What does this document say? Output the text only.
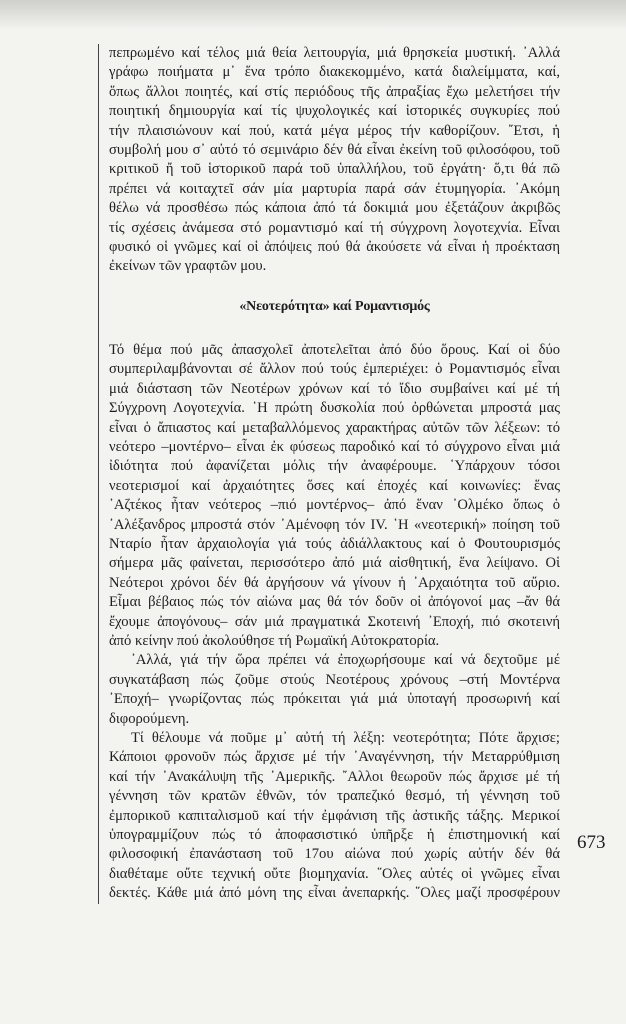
πεπρωμένο καί τέλος μιά θεία λειτουργία, μιά θρησκεία μυστική. ᾿Αλλά
γράφω ποιήματα μ᾿ ἕνα τρόπο διακεκομμένο, κατά διαλείμματα, καί,
ὅπως ἄλλοι ποιητές, καί στίς περιόδους τῆς ἀπραξίας ἔχω μελετήσει τήν
ποιητική δημιουργία καί τίς ψυχολογικές καί ἱστορικές συγκυρίες πού
τήν πλαισιώνουν καί πού, κατά μέγα μέρος τήν καθορίζουν. ῎Ετσι, ἡ
συμβολή μου σ᾿ αὐτό τό σεμινάριο δέν θά εἶναι ἐκείνη τοῦ φιλοσόφου, τοῦ
κριτικοῦ ἤ τοῦ ἱστορικοῦ παρά τοῦ ὑπαλλήλου, τοῦ ἐργάτη· ὅ,τι θά πῶ
πρέπει νά κοιταχτεῖ σάν μία μαρτυρία παρά σάν ἐτυμηγορία. ᾿Ακόμη
θέλω νά προσθέσω πώς κάποια ἀπό τά δοκιμιά μου ἐξετάζουν ἀκριβῶς
τίς σχέσεις ἀνάμεσα στό ρομαντισμό καί τή σύγχρονη λογοτεχνία. Εἶναι
φυσικό οἱ γνῶμες καί οἱ ἀπόψεις πού θά ἀκούσετε νά εἶναι ἡ προέκταση
ἐκείνων τῶν γραφτῶν μου.
«Νεοτερότητα» καί Ρομαντισμός
Τό θέμα πού μᾶς ἀπασχολεῖ ἀποτελεῖται ἀπό δύο ὅρους. Καί οἱ δύο
συμπεριλαμβάνονται σέ ἄλλον πού τούς ἐμπεριέχει: ὁ Ρομαντισμός εἶναι
μιά διάσταση τῶν Νεοτέρων χρόνων καί τό ἴδιο συμβαίνει καί μέ τή
Σύγχρονη Λογοτεχνία. ῾Η πρώτη δυσκολία πού ὀρθώνεται μπροστά μας
εἶναι ὁ ἄπιαστος καί μεταβαλλόμενος χαρακτήρας αὐτῶν τῶν λέξεων: τό
νεότερο –μοντέρνο– εἶναι ἐκ φύσεως παροδικό καί τό σύγχρονο εἶναι μιά
ἰδιότητα πού ἀφανίζεται μόλις τήν ἀναφέρουμε. ῾Υπάρχουν τόσοι
νεοτερισμοί καί ἀρχαιότητες ὅσες καί ἐποχές καί κοινωνίες: ἕνας
᾿Αζτέκος ἦταν νεότερος –πιό μοντέρνος– ἀπό ἕναν ᾿Ολμέκο ὅπως ὁ
᾿Αλέξανδρος μπροστά στόν ᾿Αμένοφη τόν IV. ῾Η «νεοτερική» ποίηση τοῦ
Νταρίο ἦταν ἀρχαιολογία γιά τούς ἀδιάλλακτους καί ὁ Φουτουρισμός
σήμερα μᾶς φαίνεται, περισσότερο ἀπό μιά αἰσθητική, ἕνα λείψανο. Οἱ
Νεότεροι χρόνοι δέν θά ἀργήσουν νά γίνουν ἡ ᾿Αρχαιότητα τοῦ αὔριο.
Εἶμαι βέβαιος πώς τόν αἰώνα μας θά τόν δοῦν οἱ ἀπόγονοί μας –ἄν θά
ἔχουμε ἀπογόνους– σάν μιά πραγματικά Σκοτεινή ᾿Εποχή, πιό σκοτεινή
ἀπό κείνην πού ἀκολούθησε τή Ρωμαϊκή Αὐτοκρατορία.
᾿Αλλά, γιά τήν ὥρα πρέπει νά ἐποχωρήσουμε καί νά δεχτοῦμε μέ
συγκατάβαση πώς ζοῦμε στούς Νεοτέρους χρόνους –στή Μοντέρνα
᾿Εποχή– γνωρίζοντας πώς πρόκειται γιά μιά ὑποταγή προσωρινή καί
διφορούμενη.
Τί θέλουμε νά ποῦμε μ᾿ αὐτή τή λέξη: νεοτερότητα; Πότε ἄρχισε;
Κάποιοι φρονοῦν πώς ἄρχισε μέ τήν ᾿Αναγέννηση, τήν Μεταρρύθμιση
καί τήν ᾿Ανακάλυψη τῆς ᾿Αμερικῆς. ῎Αλλοι θεωροῦν πώς ἄρχισε μέ τή
γέννηση τῶν κρατῶν ἐθνῶν, τόν τραπεζικό θεσμό, τή γέννηση τοῦ
ἐμπορικοῦ καπιταλισμοῦ καί τήν ἐμφάνιση τῆς ἀστικῆς τάξης. Μερικοί
ὑπογραμμίζουν πώς τό ἀποφασιστικό ὑπῆρξε ἡ ἐπιστημονική καί
φιλοσοφική ἐπανάσταση τοῦ 17ου αἰώνα πού χωρίς αὐτήν δέν θά
διαθέταμε οὔτε τεχνική οὔτε βιομηχανία. ῞Ολες αὐτές οἱ γνῶμες εἶναι
δεκτές. Κάθε μιά ἀπό μόνη της εἶναι ἀνεπαρκής. ῞Ολες μαζί προσφέρουν
673
